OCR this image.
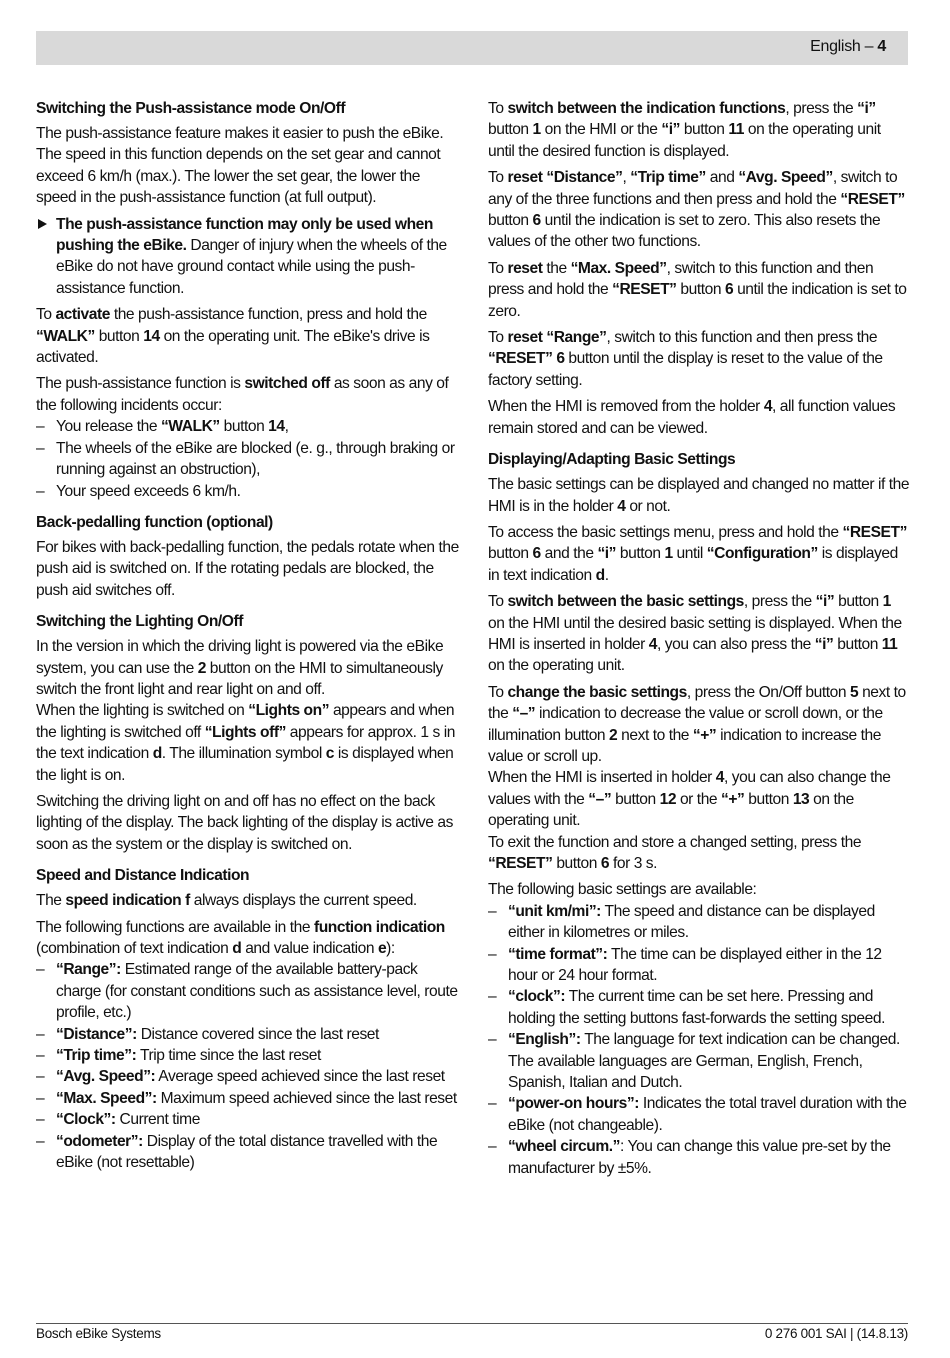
English – 4
Switching the Push-assistance mode On/Off

The push-assistance feature makes it easier to push the eBike. The speed in this function depends on the set gear and cannot exceed 6 km/h (max.). The lower the set gear, the lower the speed in the push-assistance function (at full output).

The push-assistance function may only be used when pushing the eBike. Danger of injury when the wheels of the eBike do not have ground contact while using the push-assistance function.

To activate the push-assistance function, press and hold the “WALK” button 14 on the operating unit. The eBike's drive is activated.

The push-assistance function is switched off as soon as any of the following incidents occur:

– You release the “WALK” button 14,
– The wheels of the eBike are blocked (e. g., through braking or running against an obstruction),
– Your speed exceeds 6 km/h.
Back-pedalling function (optional)

For bikes with back-pedalling function, the pedals rotate when the push aid is switched on. If the rotating pedals are blocked, the push aid switches off.

Switching the Lighting On/Off

In the version in which the driving light is powered via the eBike system, you can use the 2 button on the HMI to simultaneously switch the front light and rear light on and off.

When the lighting is switched on “Lights on” appears and when the lighting is switched off “Lights off” appears for approx. 1 s in the text indication d. The illumination symbol c is displayed when the light is on.

Switching the driving light on and off has no effect on the back lighting of the display. The back lighting of the display is active as soon as the system or the display is switched on.

Speed and Distance Indication

The speed indication f always displays the current speed.

The following functions are available in the function indication (combination of text indication d and value indication e):

– “Range”: Estimated range of the available battery-pack charge (for constant conditions such as assistance level, route profile, etc.)
– “Distance”: Distance covered since the last reset
– “Trip time”: Trip time since the last reset
– “Avg. Speed”: Average speed achieved since the last reset
– “Max. Speed”: Maximum speed achieved since the last reset
– “Clock”: Current time
– “odometer”: Display of the total distance travelled with the eBike (not resettable)

To switch between the indication functions, press the “i” button 1 on the HMI or the “i” button 11 on the operating unit until the desired function is displayed.

To reset “Distance”, “Trip time” and “Avg. Speed”, switch to any of the three functions and then press and hold the “RESET” button 6 until the indication is set to zero. This also resets the values of the other two functions.

To reset the “Max. Speed”, switch to this function and then press and hold the “RESET” button 6 until the indication is set to zero.

To reset “Range”, switch to this function and then press the “RESET” 6 button until the display is reset to the value of the factory setting.

When the HMI is removed from the holder 4, all function values remain stored and can be viewed.

Displaying/Adapting Basic Settings

The basic settings can be displayed and changed no matter if the HMI is in the holder 4 or not.

To access the basic settings menu, press and hold the “RESET” button 6 and the “i” button 1 until “Configuration” is displayed in text indication d.

To switch between the basic settings, press the “i” button 1 on the HMI until the desired basic setting is displayed. When the HMI is inserted in holder 4, you can also press the “i” button 11 on the operating unit.

To change the basic settings, press the On/Off button 5 next to the “–” indication to decrease the value or scroll down, or the illumination button 2 next to the “+” indication to increase the value or scroll up.

When the HMI is inserted in holder 4, you can also change the values with the “–” button 12 or the “+” button 13 on the operating unit.

To exit the function and store a changed setting, press the “RESET” button 6 for 3 s.

The following basic settings are available:

– “unit km/mi”: The speed and distance can be displayed either in kilometres or miles.
– “time format”: The time can be displayed either in the 12 hour or 24 hour format.
– “clock”: The current time can be set here. Pressing and holding the setting buttons fast-forwards the setting speed.
– “English”: The language for text indication can be changed. The available languages are German, English, French, Spanish, Italian and Dutch.
– “power-on hours”: Indicates the total travel duration with the eBike (not changeable).
– “wheel circum.”: You can change this value pre-set by the manufacturer by ±5%.
Bosch eBike Systems	0 276 001 SAI | (14.8.13)
